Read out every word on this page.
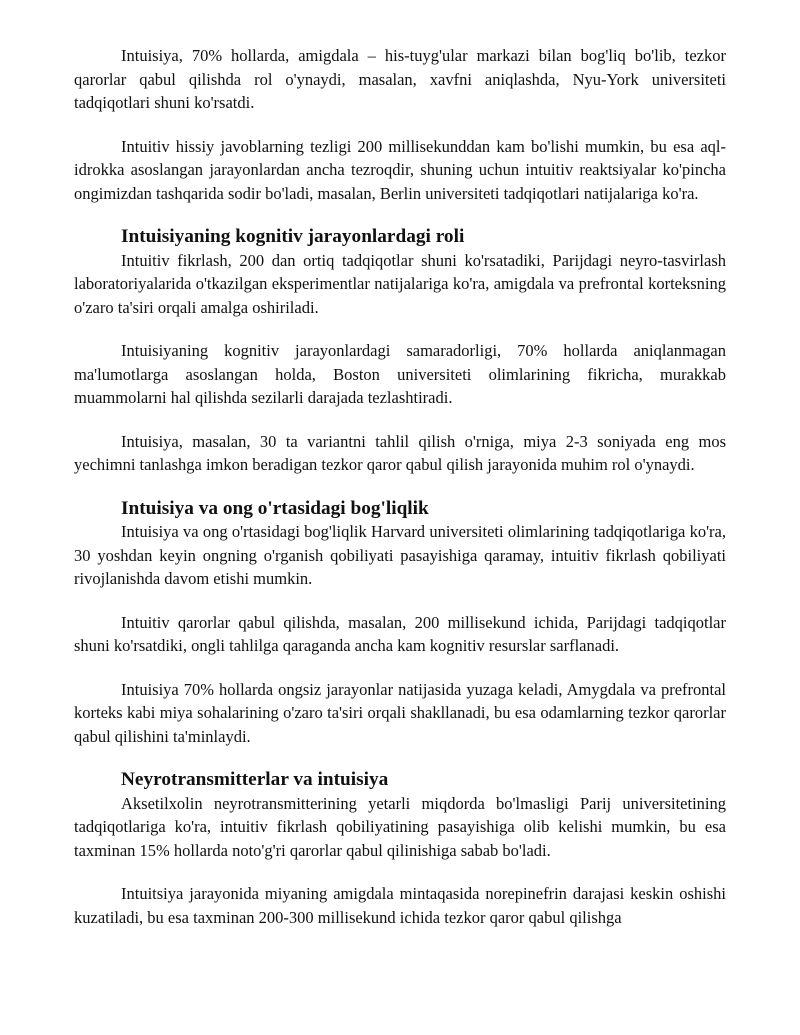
Intuisiya, 70% hollarda, amigdala – his-tuyg'ular markazi bilan bog'liq bo'lib, tezkor qarorlar qabul qilishda rol o'ynaydi, masalan, xavfni aniqlashda, Nyu-York universiteti tadqiqotlari shuni ko'rsatdi.

Intuitiv hissiy javoblarning tezligi 200 millisekunddan kam bo'lishi mumkin, bu esa aql-idrokka asoslangan jarayonlardan ancha tezroqdir, shuning uchun intuitiv reaktsiyalar ko'pincha ongimizdan tashqarida sodir bo'ladi, masalan, Berlin universiteti tadqiqotlari natijalariga ko'ra.

Intuisiyaning kognitiv jarayonlardagi roli

Intuitiv fikrlash, 200 dan ortiq tadqiqotlar shuni ko'rsatadiki, Parijdagi neyro-tasvirlash laboratoriyalarida o'tkazilgan eksperimentlar natijalariga ko'ra, amigdala va prefrontal korteksning o'zaro ta'siri orqali amalga oshiriladi.

Intuisiyaning kognitiv jarayonlardagi samaradorligi, 70% hollarda aniqlanmagan ma'lumotlarga asoslangan holda, Boston universiteti olimlarining fikricha, murakkab muammolarni hal qilishda sezilarli darajada tezlashtiradi.

Intuisiya, masalan, 30 ta variantni tahlil qilish o'rniga, miya 2-3 soniyada eng mos yechimni tanlashga imkon beradigan tezkor qaror qabul qilish jarayonida muhim rol o'ynaydi.

Intuisiya va ong o'rtasidagi bog'liqlik

Intuisiya va ong o'rtasidagi bog'liqlik Harvard universiteti olimlarining tadqiqotlariga ko'ra, 30 yoshdan keyin ongning o'rganish qobiliyati pasayishiga qaramay, intuitiv fikrlash qobiliyati rivojlanishda davom etishi mumkin.

Intuitiv qarorlar qabul qilishda, masalan, 200 millisekund ichida, Parijdagi tadqiqotlar shuni ko'rsatdiki, ongli tahlilga qaraganda ancha kam kognitiv resurslar sarflanadi.

Intuisiya 70% hollarda ongsiz jarayonlar natijasida yuzaga keladi, Amygdala va prefrontal korteks kabi miya sohalarining o'zaro ta'siri orqali shakllanadi, bu esa odamlarning tezkor qarorlar qabul qilishini ta'minlaydi.

Neyrotransmitterlar va intuisiya

Aksetilxolin neyrotransmitterining yetarli miqdorda bo'lmasligi Parij universitetining tadqiqotlariga ko'ra, intuitiv fikrlash qobiliyatining pasayishiga olib kelishi mumkin, bu esa taxminan 15% hollarda noto'g'ri qarorlar qabul qilinishiga sabab bo'ladi.

Intuitsiya jarayonida miyaning amigdala mintaqasida norepinefrin darajasi keskin oshishi kuzatiladi, bu esa taxminan 200-300 millisekund ichida tezkor qaror qabul qilishga
